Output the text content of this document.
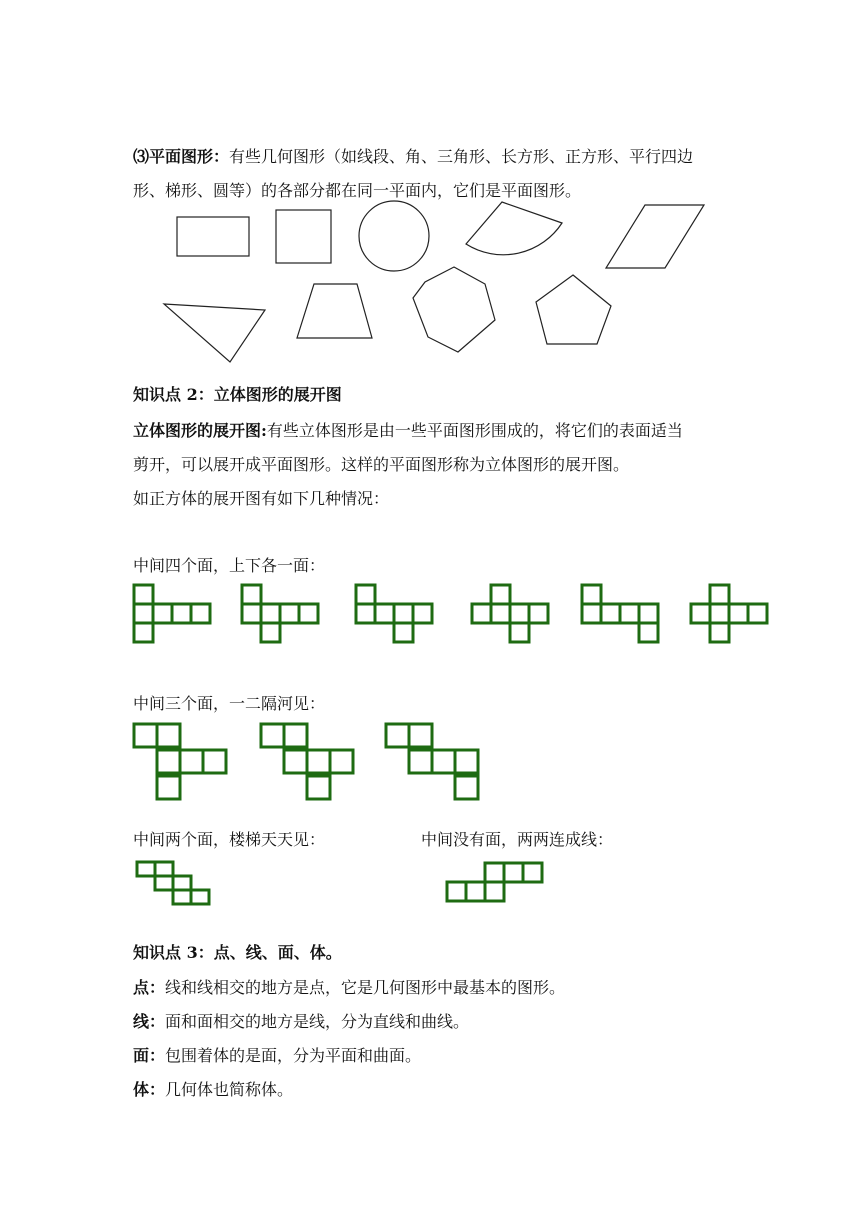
⑶平面图形：有些几何图形（如线段、角、三角形、长方形、正方形、平行四边
形、梯形、圆等）的各部分都在同一平面内，它们是平面图形。
知识点 2：立体图形的展开图
立体图形的展开图:有些立体图形是由一些平面图形围成的，将它们的表面适当
剪开，可以展开成平面图形。这样的平面图形称为立体图形的展开图。
如正方体的展开图有如下几种情况：
中间四个面，上下各一面：
中间三个面，一二隔河见：
中间两个面，楼梯天天见：	中间没有面，两两连成线：
知识点 3：点、线、面、体。
点：线和线相交的地方是点，它是几何图形中最基本的图形。
线：面和面相交的地方是线，分为直线和曲线。
面：包围着体的是面，分为平面和曲面。
体：几何体也简称体。
